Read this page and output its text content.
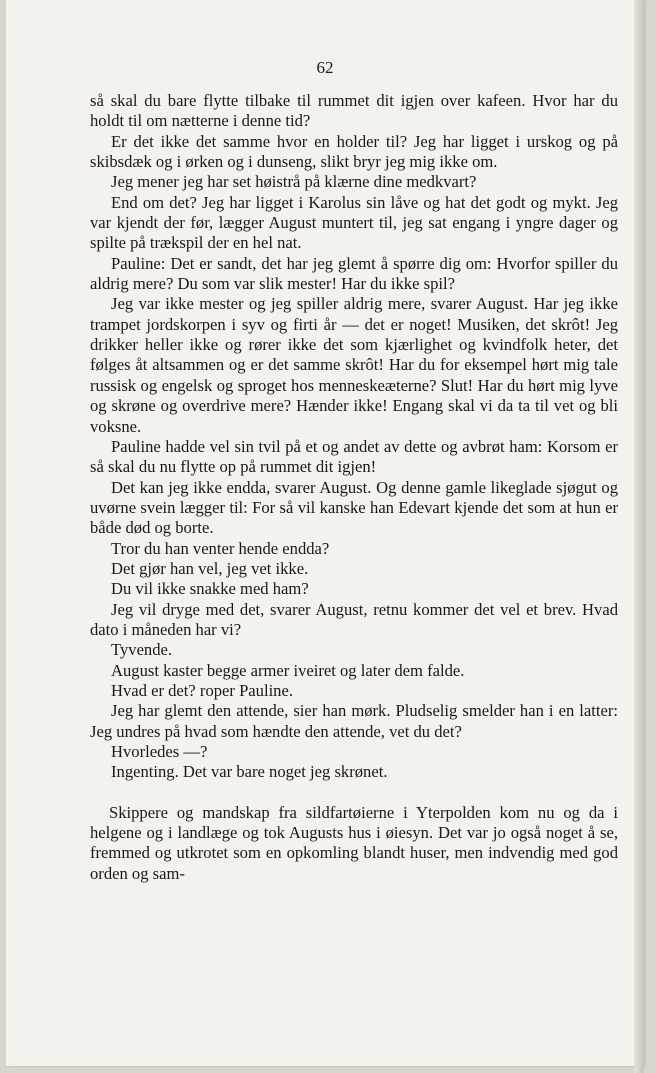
62

så skal du bare flytte tilbake til rummet dit igjen over kafeen. Hvor har du holdt til om nætterne i denne tid?

Er det ikke det samme hvor en holder til? Jeg har ligget i urskog og på skibsdæk og i ørken og i dunseng, slikt bryr jeg mig ikke om.

Jeg mener jeg har set høistrå på klærne dine medkvart?

End om det? Jeg har ligget i Karolus sin låve og hat det godt og mykt. Jeg var kjendt der før, lægger August muntert til, jeg sat engang i yngre dager og spilte på trækspil der en hel nat.

Pauline: Det er sandt, det har jeg glemt å spørre dig om: Hvorfor spiller du aldrig mere? Du som var slik mester! Har du ikke spil?

Jeg var ikke mester og jeg spiller aldrig mere, svarer August. Har jeg ikke trampet jordskorpen i syv og firti år — det er noget! Musiken, det skrôt! Jeg drikker heller ikke og rører ikke det som kjærlighet og kvindfolk heter, det følges åt altsammen og er det samme skrôt! Har du for eksempel hørt mig tale russisk og engelsk og sproget hos menneskeæterne? Slut! Har du hørt mig lyve og skrøne og overdrive mere? Hænder ikke! Engang skal vi da ta til vet og bli voksne.

Pauline hadde vel sin tvil på et og andet av dette og avbrøt ham: Korsom er så skal du nu flytte op på rummet dit igjen!

Det kan jeg ikke endda, svarer August. Og denne gamle likeglade sjøgut og uvørne svein lægger til: For så vil kanske han Edevart kjende det som at hun er både død og borte.

Tror du han venter hende endda?

Det gjør han vel, jeg vet ikke.

Du vil ikke snakke med ham?

Jeg vil dryge med det, svarer August, retnu kommer det vel et brev. Hvad dato i måneden har vi?

Tyvende.

August kaster begge armer iveiret og later dem falde.

Hvad er det? roper Pauline.

Jeg har glemt den attende, sier han mørk. Pludselig smelder han i en latter: Jeg undres på hvad som hændte den attende, vet du det?

Hvorledes —?

Ingenting. Det var bare noget jeg skrønet.

Skippere og mandskap fra sildfartøierne i Yterpolden kom nu og da i helgene og i landlæge og tok Augusts hus i øiesyn. Det var jo også noget å se, fremmed og utkrotet som en opkomling blandt huser, men indvendig med god orden og sam-
